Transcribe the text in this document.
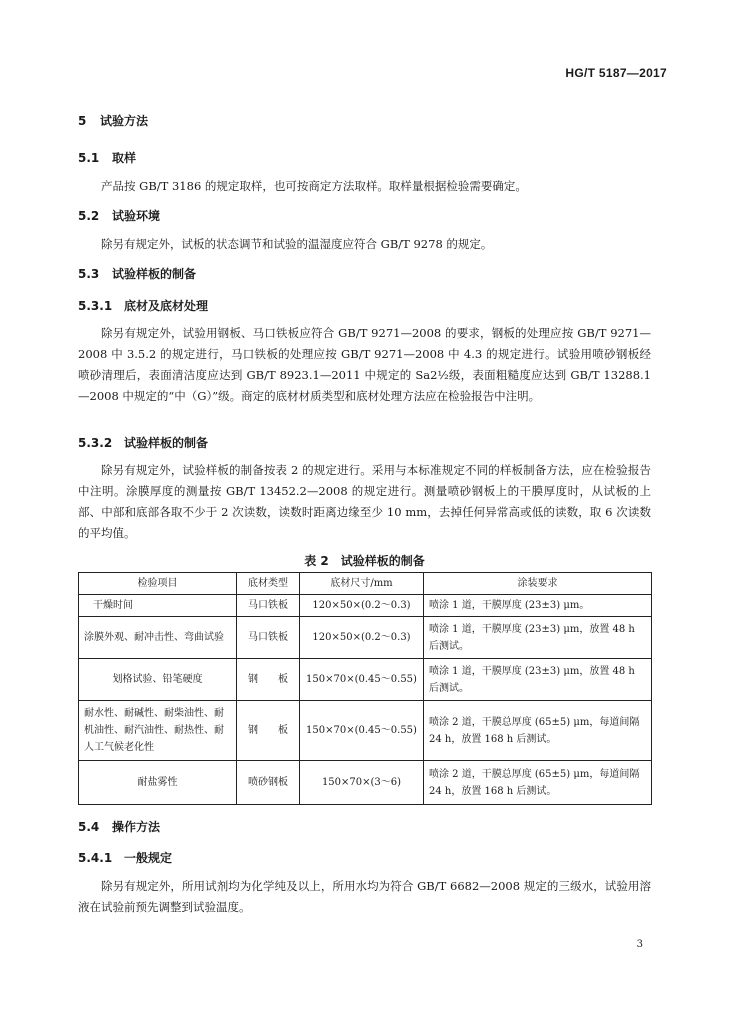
HG/T 5187—2017
5 试验方法
5.1 取样

产品按 GB/T 3186 的规定取样，也可按商定方法取样。取样量根据检验需要确定。

5.2 试验环境

除另有规定外，试板的状态调节和试验的温湿度应符合 GB/T 9278 的规定。

5.3 试验样板的制备
5.3.1 底材及底材处理

除另有规定外，试验用钢板、马口铁板应符合 GB/T 9271—2008 的要求，钢板的处理应按 GB/T 9271—2008 中 3.5.2 的规定进行，马口铁板的处理应按 GB/T 9271—2008 中 4.3 的规定进行。试验用喷砂钢板经喷砂清理后，表面清洁度应达到 GB/T 8923.1—2011 中规定的 Sa2½级，表面粗糙度应达到 GB/T 13288.1—2008 中规定的“中（G）”级。商定的底材材质类型和底材处理方法应在检验报告中注明。

5.3.2 试验样板的制备

除另有规定外，试验样板的制备按表 2 的规定进行。采用与本标准规定不同的样板制备方法，应在检验报告中注明。涂膜厚度的测量按 GB/T 13452.2—2008 的规定进行。测量喷砂钢板上的干膜厚度时，从试板的上部、中部和底部各取不少于 2 次读数，读数时距离边缘至少 10 mm，去掉任何异常高或低的读数，取 6 次读数的平均值。

表 2　试验样板的制备
检验项目	底材类型	底材尺寸/mm	涂装要求
干燥时间	马口铁板	120×50×(0.2～0.3)	喷涂 1 道，干膜厚度 (23±3) μm。
涂膜外观、耐冲击性、弯曲试验	马口铁板	120×50×(0.2～0.3)	喷涂 1 道，干膜厚度 (23±3) μm，放置 48 h 后测试。
划格试验、铅笔硬度	钢　　板	150×70×(0.45～0.55)	喷涂 1 道，干膜厚度 (23±3) μm，放置 48 h 后测试。
耐水性、耐碱性、耐柴油性、耐机油性、耐汽油性、耐热性、耐人工气候老化性	钢　　板	150×70×(0.45～0.55)	喷涂 2 道，干膜总厚度 (65±5) μm，每道间隔 24 h，放置 168 h 后测试。
耐盐雾性	喷砂钢板	150×70×(3～6)	喷涂 2 道，干膜总厚度 (65±5) μm，每道间隔 24 h，放置 168 h 后测试。
5.4 操作方法
5.4.1 一般规定

除另有规定外，所用试剂均为化学纯及以上，所用水均为符合 GB/T 6682—2008 规定的三级水，试验用溶液在试验前预先调整到试验温度。

3
